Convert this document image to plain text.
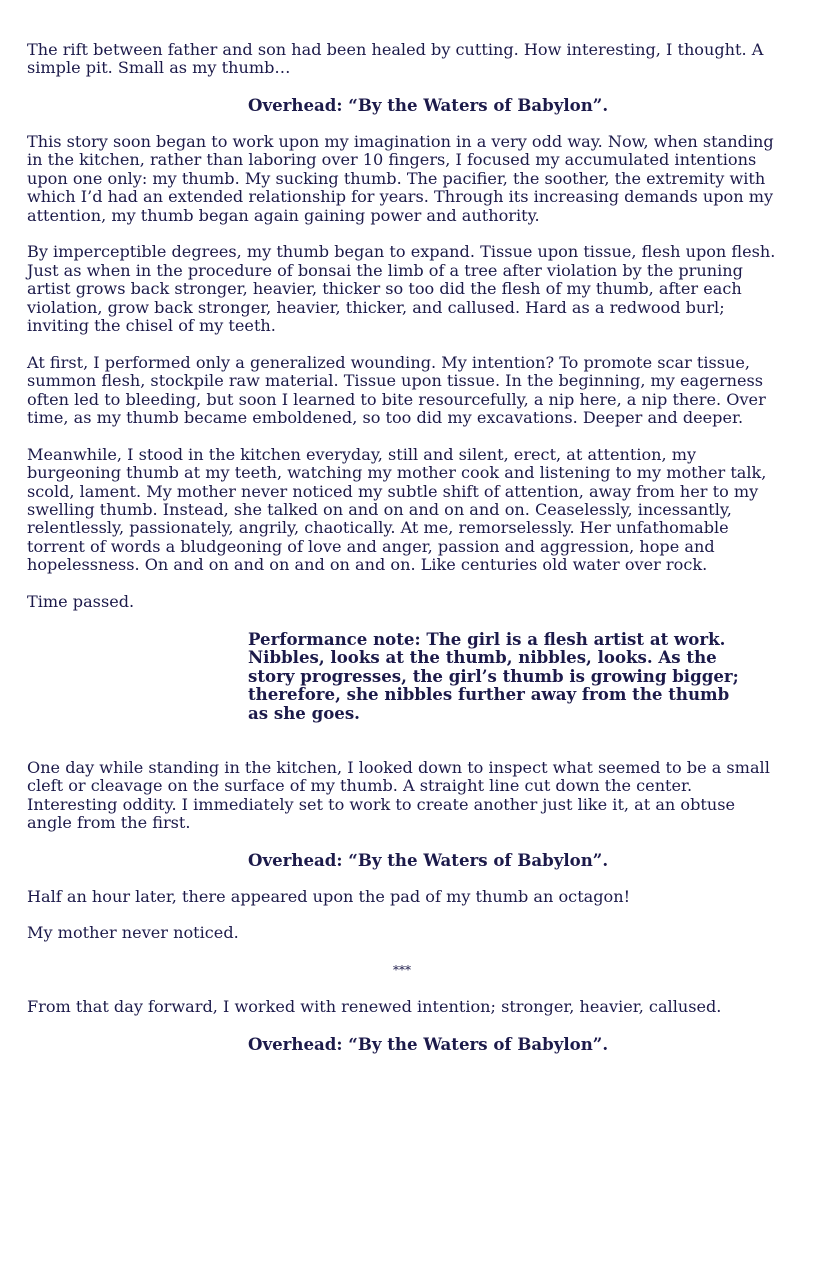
The rift between father and son had been healed by cutting. How interesting, I thought. A simple pit. Small as my thumb…

Overhead: “By the Waters of Babylon”.

This story soon began to work upon my imagination in a very odd way. Now, when standing in the kitchen, rather than laboring over 10 fingers, I focused my accumulated intentions upon one only: my thumb. My sucking thumb. The pacifier, the soother, the extremity with which I’d had an extended relationship for years. Through its increasing demands upon my attention, my thumb began again gaining power and authority.

By imperceptible degrees, my thumb began to expand. Tissue upon tissue, flesh upon flesh. Just as when in the procedure of bonsai the limb of a tree after violation by the pruning artist grows back stronger, heavier, thicker so too did the flesh of my thumb, after each violation, grow back stronger, heavier, thicker, and callused. Hard as a redwood burl; inviting the chisel of my teeth.

At first, I performed only a generalized wounding. My intention? To promote scar tissue, summon flesh, stockpile raw material. Tissue upon tissue. In the beginning, my eagerness often led to bleeding, but soon I learned to bite resourcefully, a nip here, a nip there. Over time, as my thumb became emboldened, so too did my excavations. Deeper and deeper.

Meanwhile, I stood in the kitchen everyday, still and silent, erect, at attention, my burgeoning thumb at my teeth, watching my mother cook and listening to my mother talk, scold, lament. My mother never noticed my subtle shift of attention, away from her to my swelling thumb. Instead, she talked on and on and on and on. Ceaselessly, incessantly, relentlessly, passionately, angrily, chaotically. At me, remorselessly. Her unfathomable torrent of words a bludgeoning of love and anger, passion and aggression, hope and hopelessness. On and on and on and on and on. Like centuries old water over rock.

Time passed.

Performance note: The girl is a flesh artist at work. Nibbles, looks at the thumb, nibbles, looks. As the story progresses, the girl’s thumb is growing bigger; therefore, she nibbles further away from the thumb as she goes.

One day while standing in the kitchen, I looked down to inspect what seemed to be a small cleft or cleavage on the surface of my thumb. A straight line cut down the center. Interesting oddity. I immediately set to work to create another just like it, at an obtuse angle from the first.

Overhead: “By the Waters of Babylon”.

Half an hour later, there appeared upon the pad of my thumb an octagon!

My mother never noticed.

***

From that day forward, I worked with renewed intention; stronger, heavier, callused.

Overhead: “By the Waters of Babylon”.
